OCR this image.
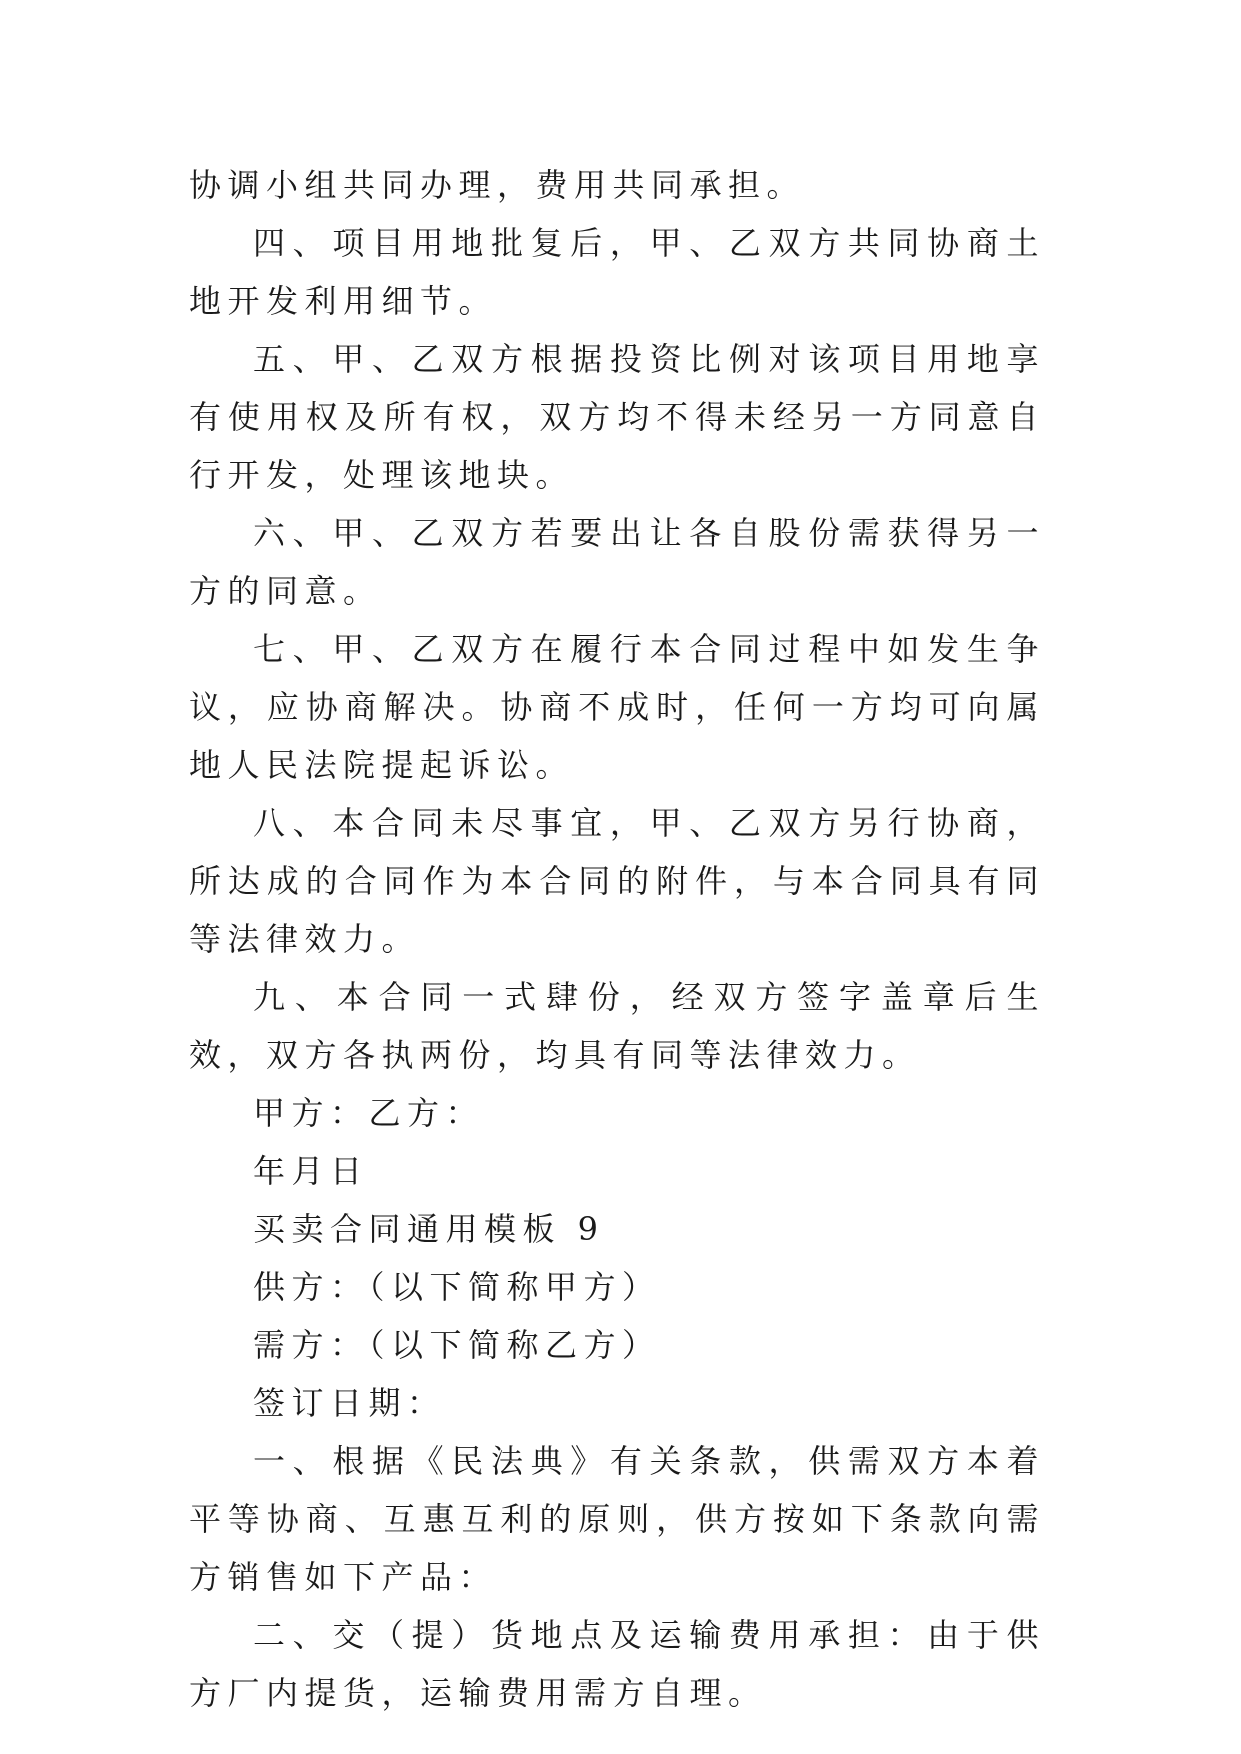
协调小组共同办理，费用共同承担。

四、项目用地批复后，甲、乙双方共同协商土地开发利用细节。

五、甲、乙双方根据投资比例对该项目用地享有使用权及所有权，双方均不得未经另一方同意自行开发，处理该地块。

六、甲、乙双方若要出让各自股份需获得另一方的同意。

七、甲、乙双方在履行本合同过程中如发生争议，应协商解决。协商不成时，任何一方均可向属地人民法院提起诉讼。

八、本合同未尽事宜，甲、乙双方另行协商，所达成的合同作为本合同的附件，与本合同具有同等法律效力。

九、本合同一式肆份，经双方签字盖章后生效，双方各执两份，均具有同等法律效力。

甲方：乙方：

年月日

买卖合同通用模板 9

供方：（以下简称甲方）

需方：（以下简称乙方）

签订日期：

一、根据《民法典》有关条款，供需双方本着平等协商、互惠互利的原则，供方按如下条款向需方销售如下产品：

二、交（提）货地点及运输费用承担：由于供方厂内提货，运输费用需方自理。
